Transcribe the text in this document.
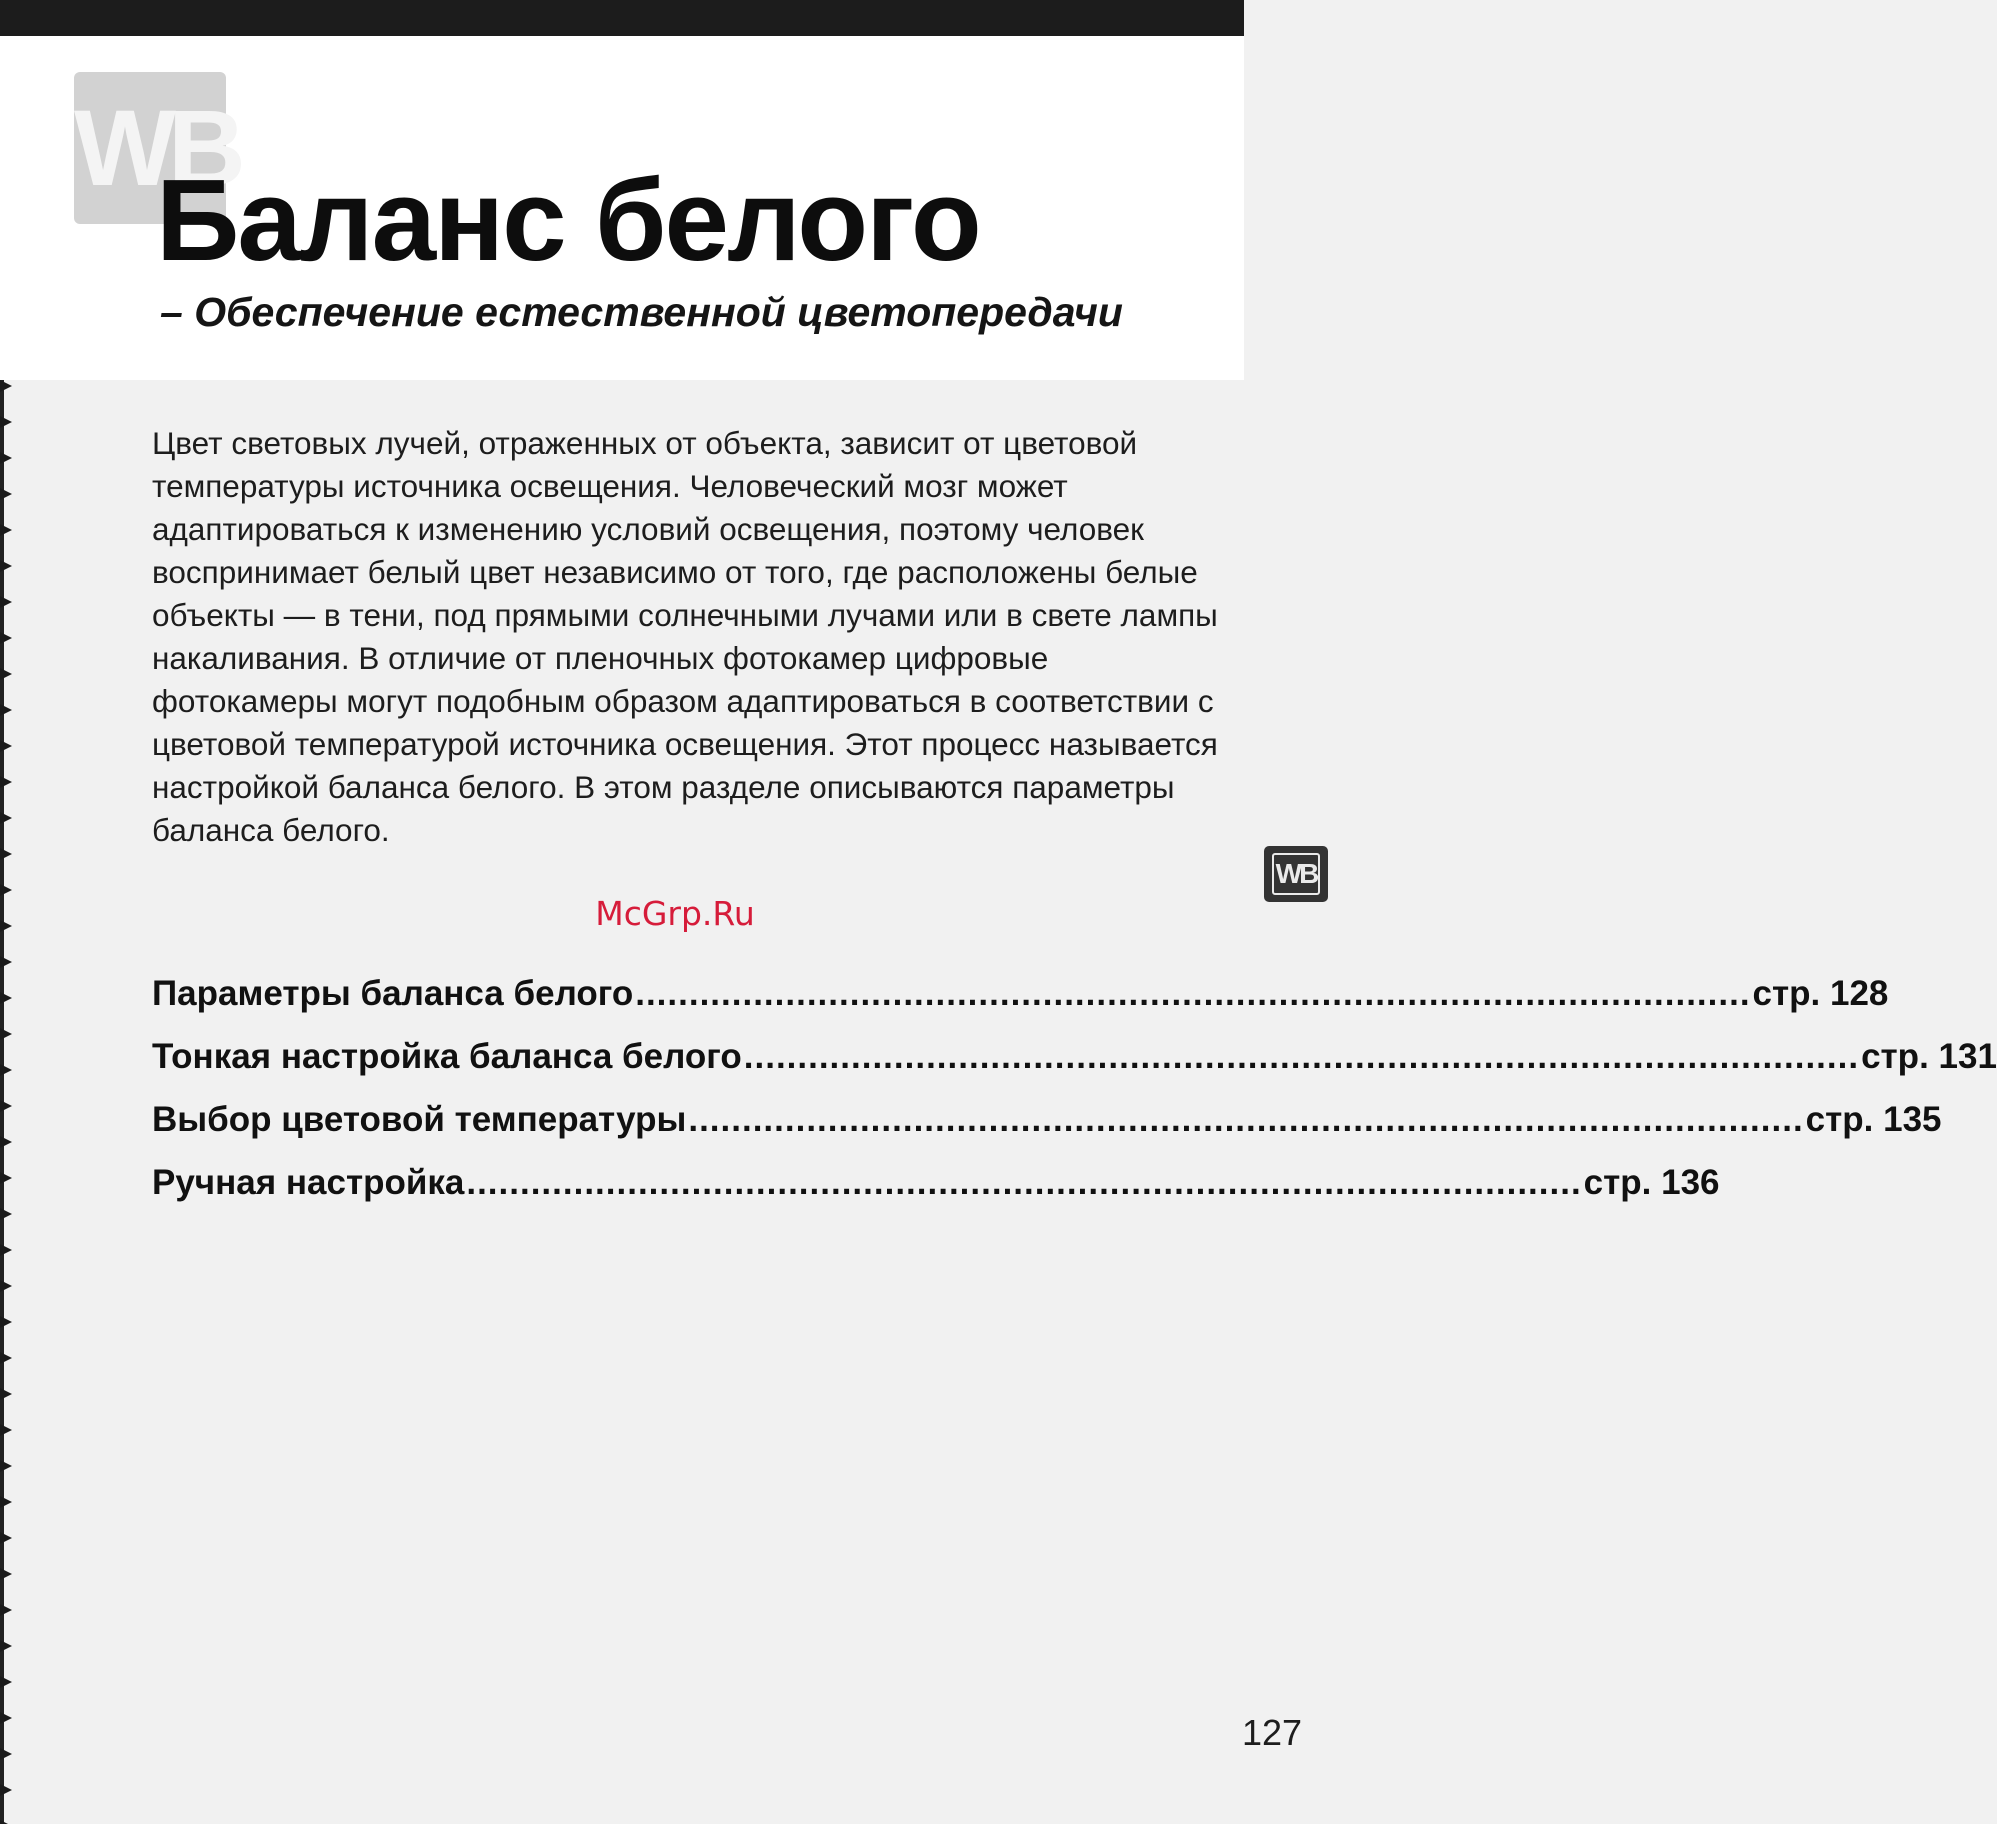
WB
Баланс белого
– Обеспечение естественной цветопередачи

Цвет световых лучей, отраженных от объекта, зависит от цветовой температуры источника освещения. Человеческий мозг может адаптироваться к изменению условий освещения, поэтому человек воспринимает белый цвет независимо от того, где расположены белые объекты — в тени, под прямыми солнечными лучами или в свете лампы накаливания. В отличие от пленочных фотокамер цифровые фотокамеры могут подобным образом адаптироваться в соответствии с цветовой температурой источника освещения. Этот процесс называется настройкой баланса белого. В этом разделе описываются параметры баланса белого.

McGrp.Ru
Параметры баланса белого ........................................................................................................ стр. 128
Тонкая настройка баланса белого ........................................................................................................ стр. 131
Выбор цветовой температуры ........................................................................................................ стр. 135
Ручная настройка ........................................................................................................ стр. 136
WB

127
